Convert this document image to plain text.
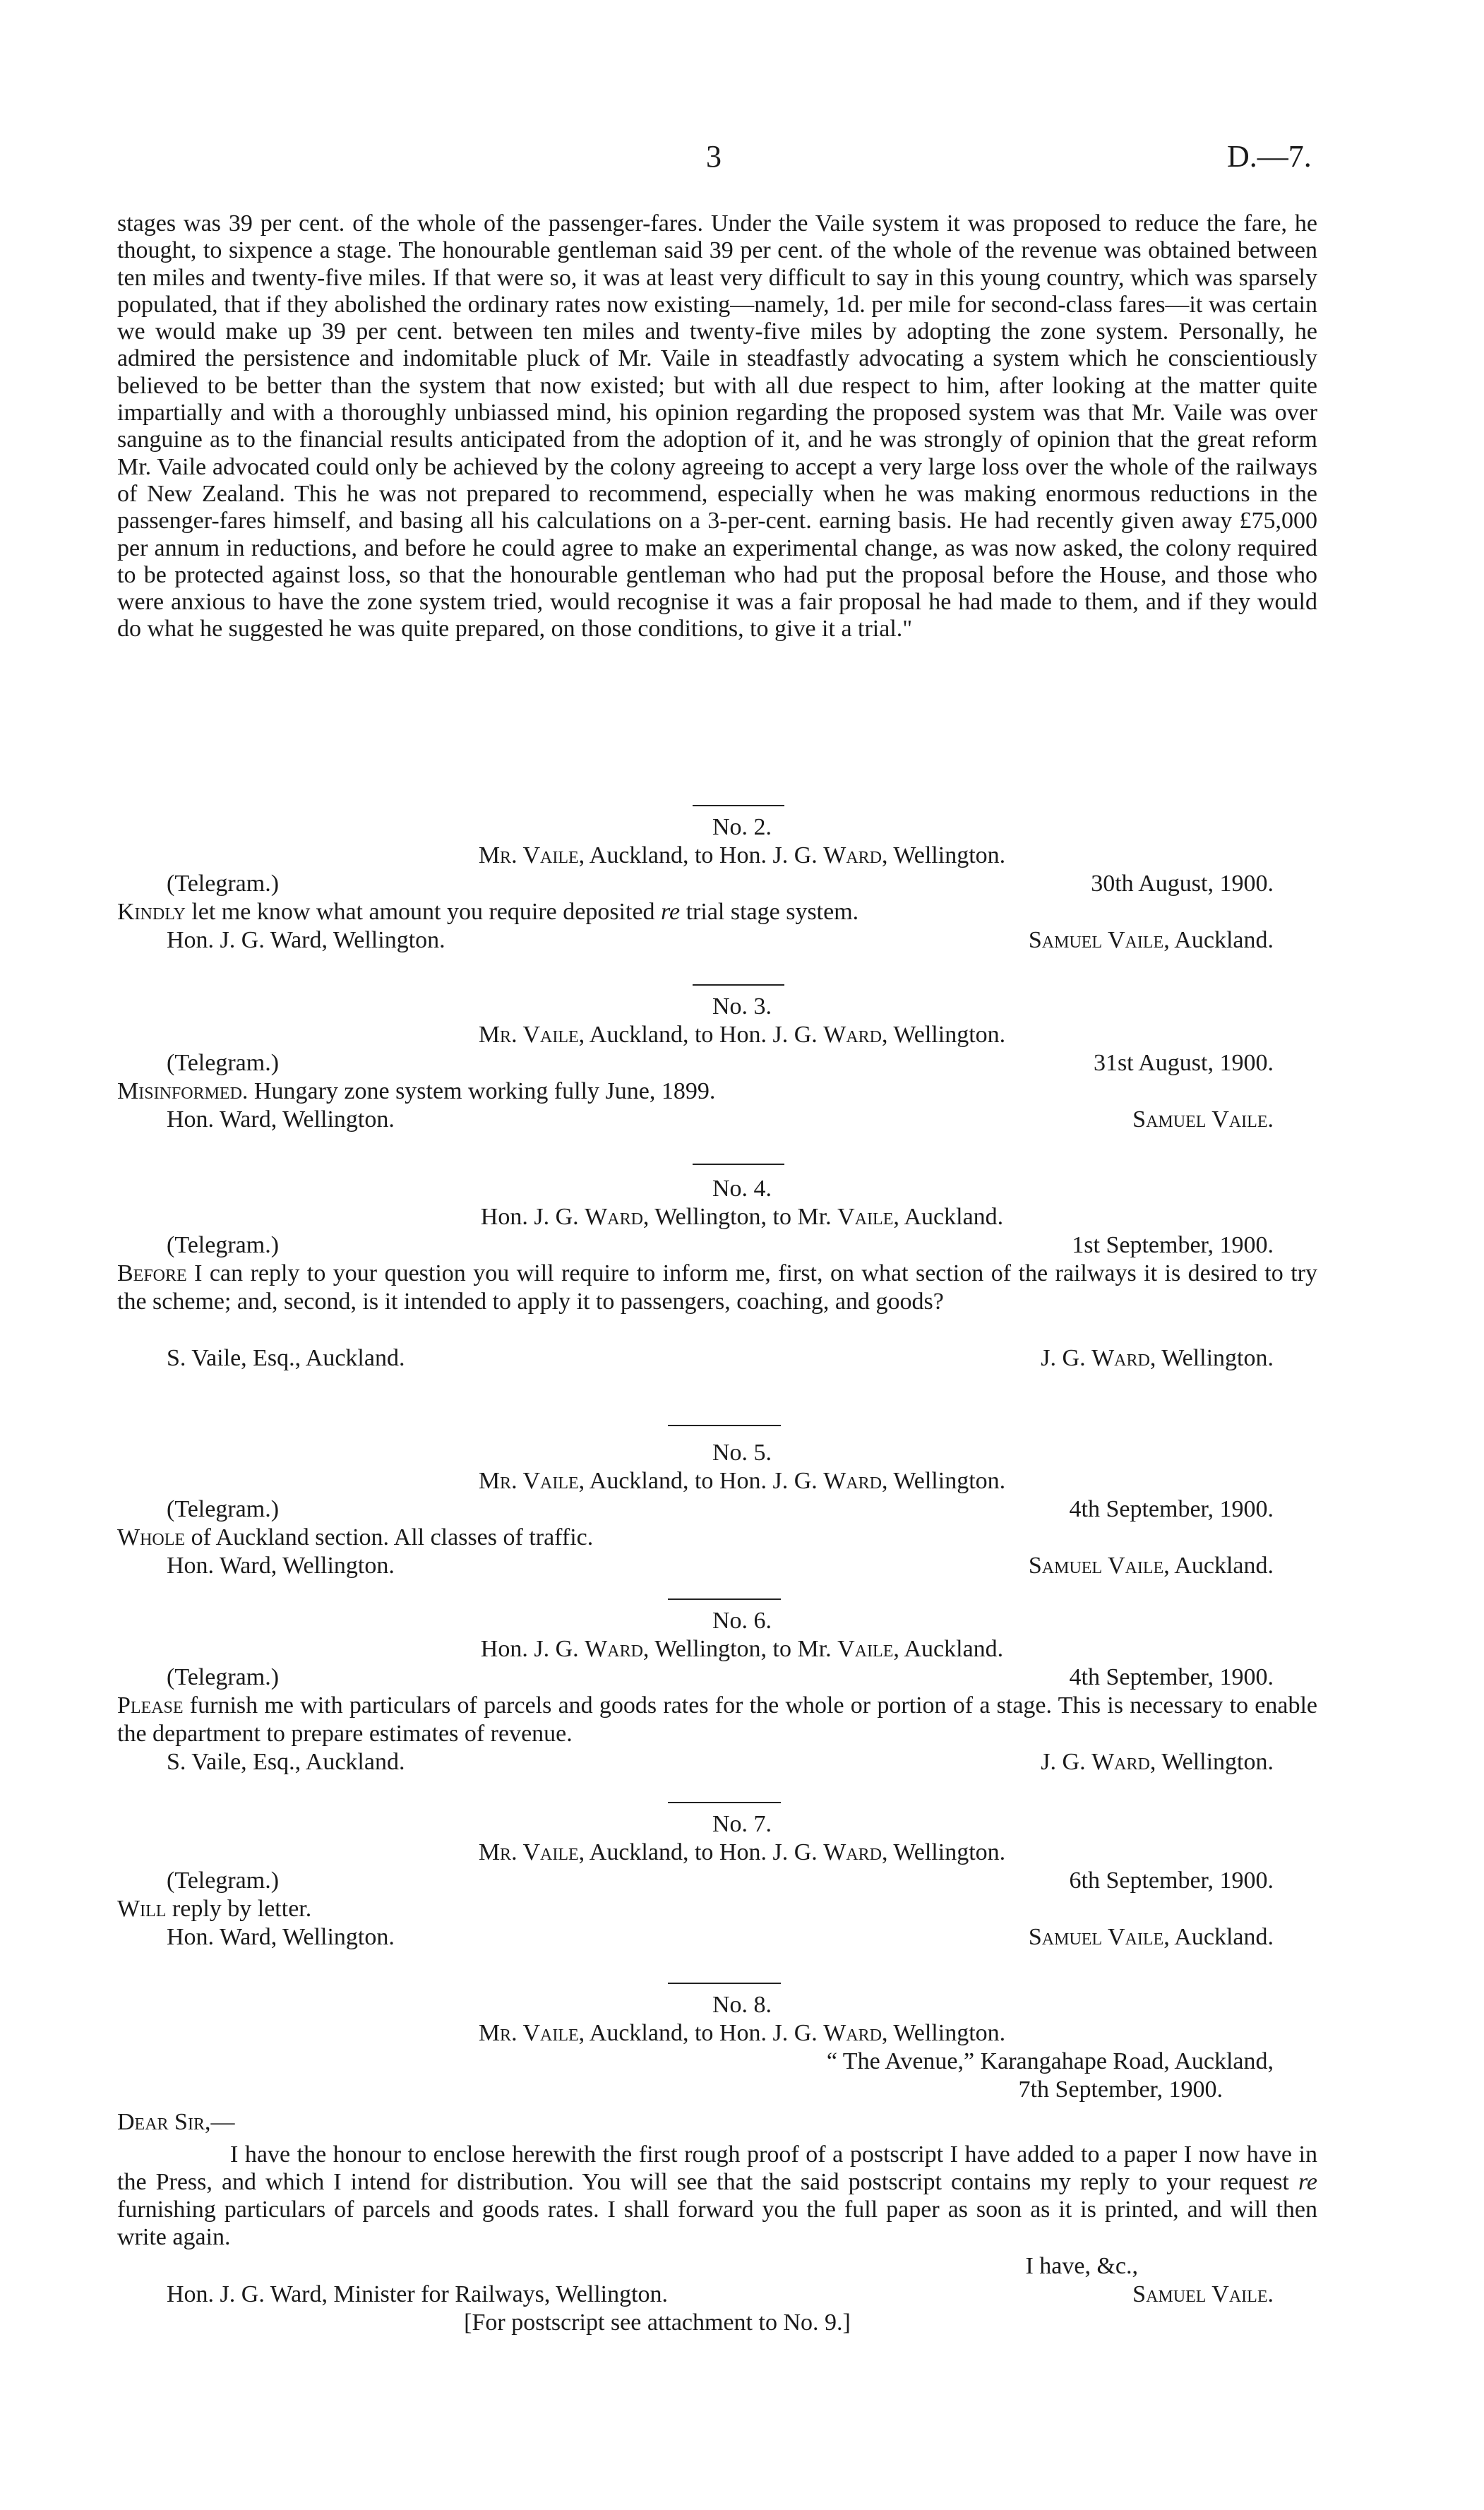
3	D.—7.

stages was 39 per cent. of the whole of the passenger-fares. Under the Vaile system it was proposed to reduce the fare, he thought, to sixpence a stage. The honourable gentleman said 39 per cent. of the whole of the revenue was obtained between ten miles and twenty-five miles. If that were so, it was at least very difficult to say in this young country, which was sparsely populated, that if they abolished the ordinary rates now existing—namely, 1d. per mile for second-class fares—it was certain we would make up 39 per cent. between ten miles and twenty-five miles by adopting the zone system. Personally, he admired the persistence and indomitable pluck of Mr. Vaile in steadfastly advocating a system which he conscientiously believed to be better than the system that now existed; but with all due respect to him, after looking at the matter quite impartially and with a thoroughly unbiassed mind, his opinion regarding the proposed system was that Mr. Vaile was over sanguine as to the financial results anticipated from the adoption of it, and he was strongly of opinion that the great reform Mr. Vaile advocated could only be achieved by the colony agreeing to accept a very large loss over the whole of the railways of New Zealand. This he was not prepared to recommend, especially when he was making enormous reductions in the passenger-fares himself, and basing all his calculations on a 3-per-cent. earning basis. He had recently given away £75,000 per annum in reductions, and before he could agree to make an experimental change, as was now asked, the colony required to be protected against loss, so that the honourable gentleman who had put the proposal before the House, and those who were anxious to have the zone system tried, would recognise it was a fair proposal he had made to them, and if they would do what he suggested he was quite prepared, on those conditions, to give it a trial."

No. 2.
Mr. Vaile, Auckland, to Hon. J. G. Ward, Wellington.
(Telegram.)	30th August, 1900.
Kindly let me know what amount you require deposited re trial stage system.
Hon. J. G. Ward, Wellington.	Samuel Vaile, Auckland.
No. 3.
Mr. Vaile, Auckland, to Hon. J. G. Ward, Wellington.
(Telegram.)	31st August, 1900.
Misinformed. Hungary zone system working fully June, 1899.
Hon. Ward, Wellington.	Samuel Vaile.
No. 4.
Hon. J. G. Ward, Wellington, to Mr. Vaile, Auckland.
(Telegram.)	1st September, 1900.
Before I can reply to your question you will require to inform me, first, on what section of the railways it is desired to try the scheme; and, second, is it intended to apply it to passengers, coaching, and goods?
S. Vaile, Esq., Auckland.	J. G. Ward, Wellington.
No. 5.
Mr. Vaile, Auckland, to Hon. J. G. Ward, Wellington.
(Telegram.)	4th September, 1900.
Whole of Auckland section. All classes of traffic.
Hon. Ward, Wellington.	Samuel Vaile, Auckland.
No. 6.
Hon. J. G. Ward, Wellington, to Mr. Vaile, Auckland.
(Telegram.)	4th September, 1900.
Please furnish me with particulars of parcels and goods rates for the whole or portion of a stage. This is necessary to enable the department to prepare estimates of revenue.
S. Vaile, Esq., Auckland.	J. G. Ward, Wellington.
No. 7.
Mr. Vaile, Auckland, to Hon. J. G. Ward, Wellington.
(Telegram.)	6th September, 1900.
Will reply by letter.
Hon. Ward, Wellington.	Samuel Vaile, Auckland.
No. 8.
Mr. Vaile, Auckland, to Hon. J. G. Ward, Wellington.
“ The Avenue,” Karangahape Road, Auckland,
7th September, 1900.
Dear Sir,—

I have the honour to enclose herewith the first rough proof of a postscript I have added to a paper I now have in the Press, and which I intend for distribution. You will see that the said postscript contains my reply to your request re furnishing particulars of parcels and goods rates. I shall forward you the full paper as soon as it is printed, and will then write again.

I have, &c.,
Hon. J. G. Ward, Minister for Railways, Wellington.	Samuel Vaile.
[For postscript see attachment to No. 9.]
